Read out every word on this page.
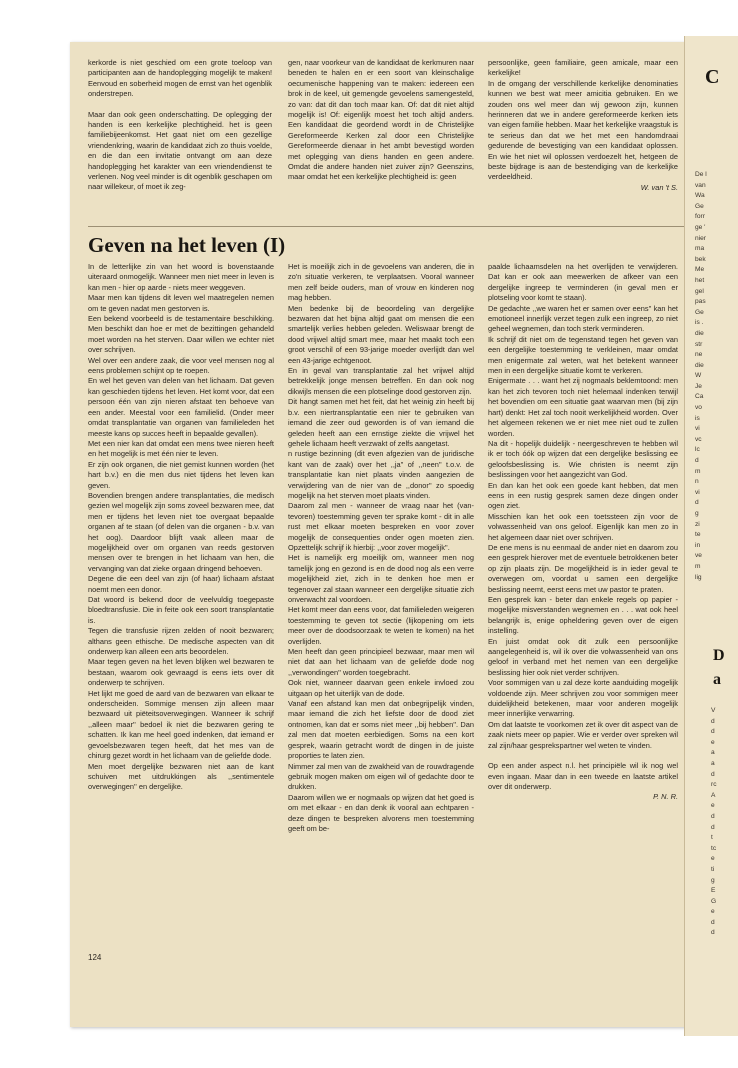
C
De l
van
Wa
Ge
forr
ge '
nier
ma
bek
Me
het
gel
pas
Ge
is .
die
str
ne
die
W
Je
Ca
vo
is
vi
vc
lc
d
m
n
vi
d
g
zi
te
in
ve
m
lig
D
a
V
d
d
e
a
a
d
rc
A
e
d
d
t
tc
e
ti
g
E
G
e
d
d

kerkorde is niet geschied om een grote toeloop van participanten aan de handoplegging mogelijk te maken! Eenvoud en soberheid mogen de ernst van het ogenblik onderstrepen.

Maar dan ook geen onderschatting. De oplegging der handen is een kerkelijke plechtigheid. het is geen familiebijeenkomst. Het gaat niet om een gezellige vriendenkring, waarin de kandidaat zich zo thuis voelde, en die dan een invitatie ontvangt om aan deze handoplegging het karakter van een vriendendienst te verlenen. Nog veel minder is dit ogenblik geschapen om naar willekeur, of moet ik zeg-

gen, naar voorkeur van de kandidaat de kerkmuren naar beneden te halen en er een soort van kleinschalige oecumenische happening van te maken: iedereen een brok in de keel, uit gemengde gevoelens samengesteld, zo van: dat dit dan toch maar kan. Of: dat dit niet altijd mogelijk is! Of: eigenlijk moest het toch altijd anders. Een kandidaat die geordend wordt in de Christelijke Gereformeerde Kerken zal door een Christelijke Gereformeerde dienaar in het ambt bevestigd worden met oplegging van diens handen en geen andere. Omdat die andere handen niet zuiver zijn? Geenszins, maar omdat het een kerkelijke plechtigheid is: geen

persoonlijke, geen familiaire, geen amicale, maar een kerkelijke!

In de omgang der verschillende kerkelijke denominaties kunnen we best wat meer amicitia gebruiken. En we zouden ons wel meer dan wij gewoon zijn, kunnen herinneren dat we in andere gereformeerde kerken iets van eigen familie hebben. Maar het kerkelijke vraagstuk is te serieus dan dat we het met een handomdraai gedurende de bevestiging van een kandidaat oplossen. En wie het niet wil oplossen verdoezelt het, hetgeen de beste bijdrage is aan de bestendiging van de kerkelijke verdeeldheid.

W. van 't S.
Geven na het leven (I)

In de letterlijke zin van het woord is bovenstaande uiteraard onmogelijk. Wanneer men niet meer in leven is kan men - hier op aarde - niets meer weggeven.

Maar men kan tijdens dit leven wel maatregelen nemen om te geven nadat men gestorven is.

Een bekend voorbeeld is de testamentaire beschikking. Men beschikt dan hoe er met de bezittingen gehandeld moet worden na het sterven. Daar willen we echter niet over schrijven.

Wel over een andere zaak, die voor veel mensen nog al eens problemen schijnt op te roepen.

En wel het geven van delen van het lichaam. Dat geven kan geschieden tijdens het leven. Het komt voor, dat een persoon één van zijn nieren afstaat ten behoeve van een ander. Meestal voor een familielid. (Onder meer omdat transplantatie van organen van familieleden het meeste kans op succes heeft in bepaalde gevallen).

Met een nier kan dat omdat een mens twee nieren heeft en het mogelijk is met één nier te leven.

Er zijn ook organen, die niet gemist kunnen worden (het hart b.v.) en die men dus niet tijdens het leven kan geven.

Bovendien brengen andere transplantaties, die medisch gezien wel mogelijk zijn soms zoveel bezwaren mee, dat men er tijdens het leven niet toe overgaat bepaalde organen af te staan (of delen van die organen - b.v. van het oog). Daardoor blijft vaak alleen maar de mogelijkheid over om organen van reeds gestorven mensen over te brengen in het lichaam van hen, die vervanging van dat zieke orgaan dringend behoeven.

Degene die een deel van zijn (of haar) lichaam afstaat noemt men een donor.

Dat woord is bekend door de veelvuldig toegepaste bloedtransfusie. Die in feite ook een soort transplantatie is.

Tegen die transfusie rijzen zelden of nooit bezwaren; althans geen ethische. De medische aspecten van dit onderwerp kan alleen een arts beoordelen.

Maar tegen geven na het leven blijken wel bezwaren te bestaan, waarom ook gevraagd is eens iets over dit onderwerp te schrijven.

Het lijkt me goed de aard van de bezwaren van elkaar te onderscheiden. Sommige mensen zijn alleen maar bezwaard uit piëteitsoverwegingen. Wanneer ik schrijf ,,alleen maar'' bedoel ik niet die bezwaren gering te schatten. Ik kan me heel goed indenken, dat iemand er gevoelsbezwaren tegen heeft, dat het mes van de chirurg gezet wordt in het lichaam van de geliefde dode.

Men moet dergelijke bezwaren niet aan de kant schuiven met uitdrukkingen als ,,sentimentele overwegingen'' en dergelijke.

Het is moeilijk zich in de gevoelens van anderen, die in zo'n situatie verkeren, te verplaatsen. Vooral wanneer men zelf beide ouders, man of vrouw en kinderen nog mag hebben.

Men bedenke bij de beoordeling van dergelijke bezwaren dat het bijna altijd gaat om mensen die een smartelijk verlies hebben geleden. Weliswaar brengt de dood vrijwel altijd smart mee, maar het maakt toch een groot verschil of een 93-jarige moeder overlijdt dan wel een 43-jarige echtgenoot.

En in geval van transplantatie zal het vrijwel altijd betrekkelijk jonge mensen betreffen. En dan ook nog dikwijls mensen die een plotselinge dood gestorven zijn.

Dit hangt samen met het feit, dat het weinig zin heeft bij b.v. een niertransplantatie een nier te gebruiken van iemand die zeer oud geworden is of van iemand die geleden heeft aan een ernstige ziekte die vrijwel het gehele lichaam heeft verzwakt of zelfs aangetast.

n rustige bezinning (dit even afgezien van de juridische kant van de zaak) over het ,,ja'' of ,,neen'' t.o.v. de transplantatie kan niet plaats vinden aangezien de verwijdering van de nier van de ,,donor'' zo spoedig mogelijk na het sterven moet plaats vinden.

Daarom zal men - wanneer de vraag naar het (van-tevoren) toestemming geven ter sprake komt - dit in alle rust met elkaar moeten bespreken en voor zover mogelijk de consequenties onder ogen moeten zien. Opzettelijk schrijf ik hierbij: ,,voor zover mogelijk''.

Het is namelijk erg moeilijk om, wanneer men nog tamelijk jong en gezond is en de dood nog als een verre mogelijkheid ziet, zich in te denken hoe men er tegenover zal staan wanneer een dergelijke situatie zich onverwacht zal voordoen.

Het komt meer dan eens voor, dat familieleden weigeren toestemming te geven tot sectie (lijkopening om iets meer over de doodsoorzaak te weten te komen) na het overlijden.

Men heeft dan geen principieel bezwaar, maar men wil niet dat aan het lichaam van de geliefde dode nog ,,verwondingen'' worden toegebracht.

Ook niet, wanneer daarvan geen enkele invloed zou uitgaan op het uiterlijk van de dode.

Vanaf een afstand kan men dat onbegrijpelijk vinden, maar iemand die zich het liefste door de dood ziet ontnomen, kan dat er soms niet meer ,,bij hebben''. Dan zal men dat moeten eerbiedigen. Soms na een kort gesprek, waarin getracht wordt de dingen in de juiste proporties te laten zien.

Nimmer zal men van de zwakheid van de rouwdragende gebruik mogen maken om eigen wil of gedachte door te drukken.

Daarom willen we er nogmaals op wijzen dat het goed is om met elkaar - en dan denk ik vooral aan echtparen - deze dingen te bespreken alvorens men toestemming geeft om be-

paalde lichaamsdelen na het overlijden te verwijderen. Dat kan er ook aan meewerken de afkeer van een dergelijke ingreep te verminderen (in geval men er plotseling voor komt te staan).

De gedachte ,,we waren het er samen over eens'' kan het emotioneel innerlijk verzet tegen zulk een ingreep, zo niet geheel wegnemen, dan toch sterk verminderen.

Ik schrijf dit niet om de tegenstand tegen het geven van een dergelijke toestemming te verkleinen, maar omdat men enigermate zal weten, wat het betekent wanneer men in een dergelijke situatie komt te verkeren.

Enigermate . . . want het zij nogmaals beklemtoond: men kan het zich tevoren toch niet helemaal indenken terwijl het bovendien om een situatie gaat waarvan men (bij zijn hart) denkt: Het zal toch nooit werkelijkheid worden. Over het algemeen rekenen we er niet mee niet oud te zullen worden.

Na dit - hopelijk duidelijk - neergeschreven te hebben wil ik er toch óók op wijzen dat een dergelijke beslissing ee geloofsbeslissing is. Wie christen is neemt zijn beslissingen voor het aangezicht van God.

En dan kan het ook een goede kant hebben, dat men eens in een rustig gesprek samen deze dingen onder ogen ziet.

Misschien kan het ook een toetssteen zijn voor de volwassenheid van ons geloof. Eigenlijk kan men zo in het algemeen daar niet over schrijven.

De ene mens is nu eenmaal de ander niet en daarom zou een gesprek hierover met de eventuele betrokkenen beter op zijn plaats zijn. De mogelijkheid is in ieder geval te overwegen om, voordat u samen een dergelijke beslissing neemt, eerst eens met uw pastor te praten.

Een gesprek kan - beter dan enkele regels op papier - mogelijke misverstanden wegnemen en . . . wat ook heel belangrijk is, enige opheldering geven over de eigen instelling.

En juist omdat ook dit zulk een persoonlijke aangelegenheid is, wil ik over die volwassenheid van ons geloof in verband met het nemen van een dergelijke beslissing hier ook niet verder schrijven.

Voor sommigen van u zal deze korte aanduiding mogelijk voldoende zijn. Meer schrijven zou voor sommigen meer duidelijkheid betekenen, maar voor anderen mogelijk meer innerlijke verwarring.

Om dat laatste te voorkomen zet ik over dit aspect van de zaak niets meer op papier. Wie er verder over spreken wil zal zijn/haar gesprekspartner wel weten te vinden.

Op een ander aspect n.l. het principiële wil ik nog wel even ingaan. Maar dan in een tweede en laatste artikel over dit onderwerp.

P. N. R.
124
